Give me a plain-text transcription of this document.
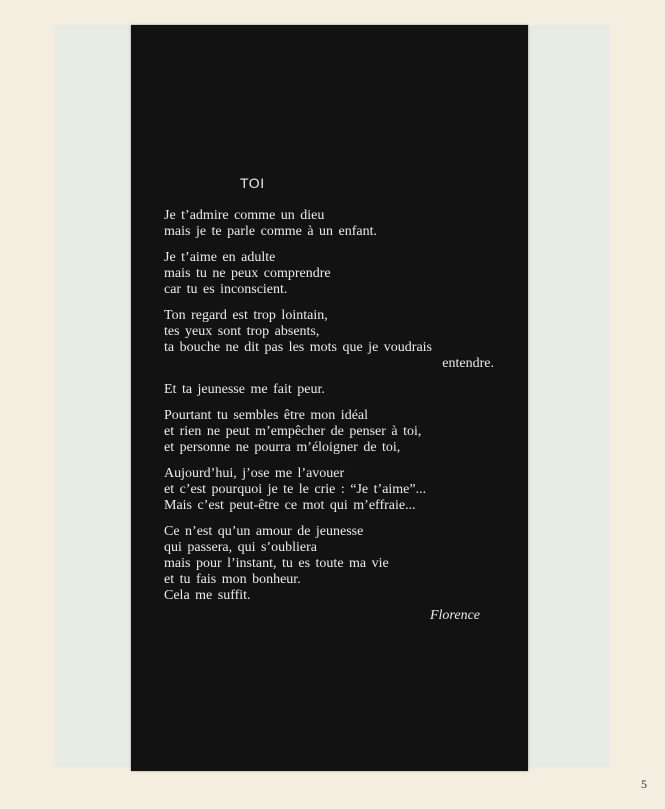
TOI

Je t’admire comme un dieu
mais je te parle comme à un enfant.

Je t’aime en adulte
mais tu ne peux comprendre
car tu es inconscient.

Ton regard est trop lointain,
tes yeux sont trop absents,
ta bouche ne dit pas les mots que je voudrais
entendre.

Et ta jeunesse me fait peur.

Pourtant tu sembles être mon idéal
et rien ne peut m’empêcher de penser à toi,
et personne ne pourra m’éloigner de toi,

Aujourd’hui, j’ose me l’avouer
et c’est pourquoi je te le crie : “Je t’aime”...
Mais c’est peut-être ce mot qui m’effraie...

Ce n’est qu’un amour de jeunesse
qui passera, qui s’oubliera
mais pour l’instant, tu es toute ma vie
et tu fais mon bonheur.
Cela me suffit.

Florence
5
